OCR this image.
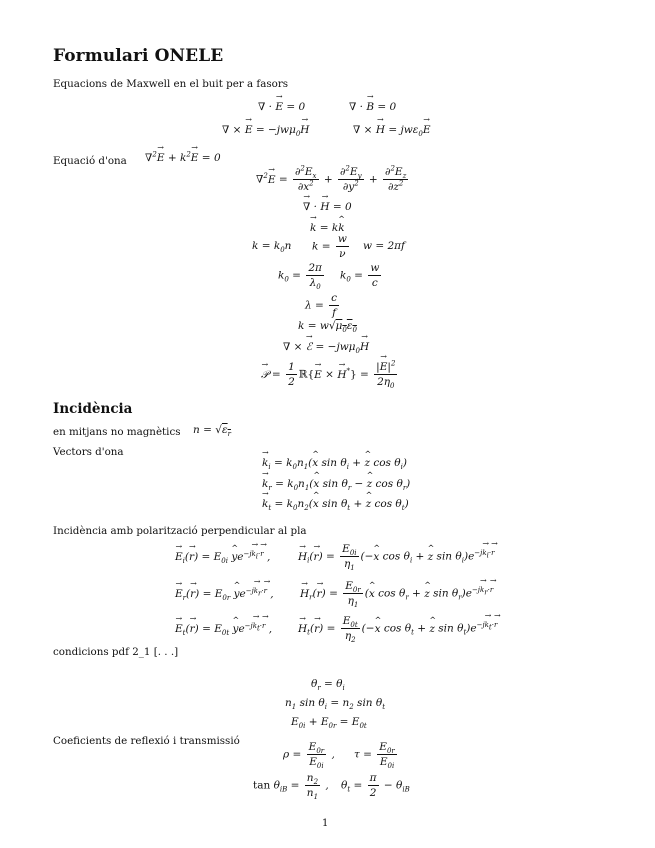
Formulari ONELE
Equacions de Maxwell en el buit per a fasors
∇ · E → = 0	∇ · B → = 0
∇ × E → = −jwμ$_0$H →	∇ × H → = jwε$_0$E →
Equació d'ona ∇$^2$E → + $k^2E$ → = 0
∇$^2$E → = $\frac{\partial^2E_x}{\partial x^2} + \frac{\partial^2E_y}{\partial y^2} + \frac{\partial^2E_z}{\partial z^2}$
∇ → · H → = 0
k → = kk ^
$k = k_0n$ $k = \frac{w}{\nu}$ w = 2πf
$k_0 = \frac{2\pi}{\lambda_0} k_0 = \frac{w}{c}$
$\lambda = \frac{c}{f}$
$k = w√\mu_0\varepsilon_0$
∇ × ℰ → = −jwμ$_0$H →
𝒫 → = $\frac{1}{2}$ ℝ{E → × $H \to^*\} = \frac{|E \to|^2}{2\eta_0}$
Incidència
en mitjans no magnètics $n = √\varepsilon_r$
Vectors d'ona
$k \to_i = k_0n_1(x$ ^ $\sin \theta_i + z$ ^ $\cos \theta_i$)
$k \to_r = k_0n_1(x$ ^ $\sin \theta_r - z$ ^ $\cos \theta_r$)
$k \to_t = k_0n_2(x$ ^ $\sin \theta_t + z$ ^ $\cos \theta_t$)
Incidència amb polarització perpendicular al pla
$E \to_i(r$ →) = $E_{0i}$ y $\^{}e^{-jk_i\cdot r}$ ,	$H \to_i(r$ →) = $\frac{E_{0i}}{\eta_1} (-x$ ^ $\cos \theta_i + z$ ^ $\sin \theta_i)e^{-jk_i\cdot r}$
$E \to_r(r$ →) = $E_{0r}$ y $\^{}e^{-jk_r\cdot r}$ ,	$H \to_r(r$ →) = $\frac{E_{0r}}{\eta_1} (x$ ^ $\cos \theta_r + z$ ^ $\sin \theta_r)e^{-jk_r\cdot r}$
$E \to_t(r$ →) = $E_{0t}$ y $\^{}e^{-jk_t\cdot r}$ , $H \to_t(r$ →) = $\frac{E_{0t}}{\eta_2} (-x$ ^ $\cos \theta_t + z$ ^ $\sin \theta_t)e^{-jk_t\cdot r}$
condicions pdf 2_1 [. . .]
$\theta_r = \theta_i$
$n_1$ $\sin \theta_i = n_2$ $\sin \theta_t$
$E_{0i} + E_{0r} = E_{0t}$
Coeficients de reflexió i transmissió
$\rho = \frac{E_{0r}}{E_{0i}}$ , $\tau = \frac{E_{0r}}{E_{0i}}$
$\tan \theta_{iB} = \frac{n_2}{n_1}$ , $\theta_t = \frac{\pi}{2} - \theta_{iB}$
1
